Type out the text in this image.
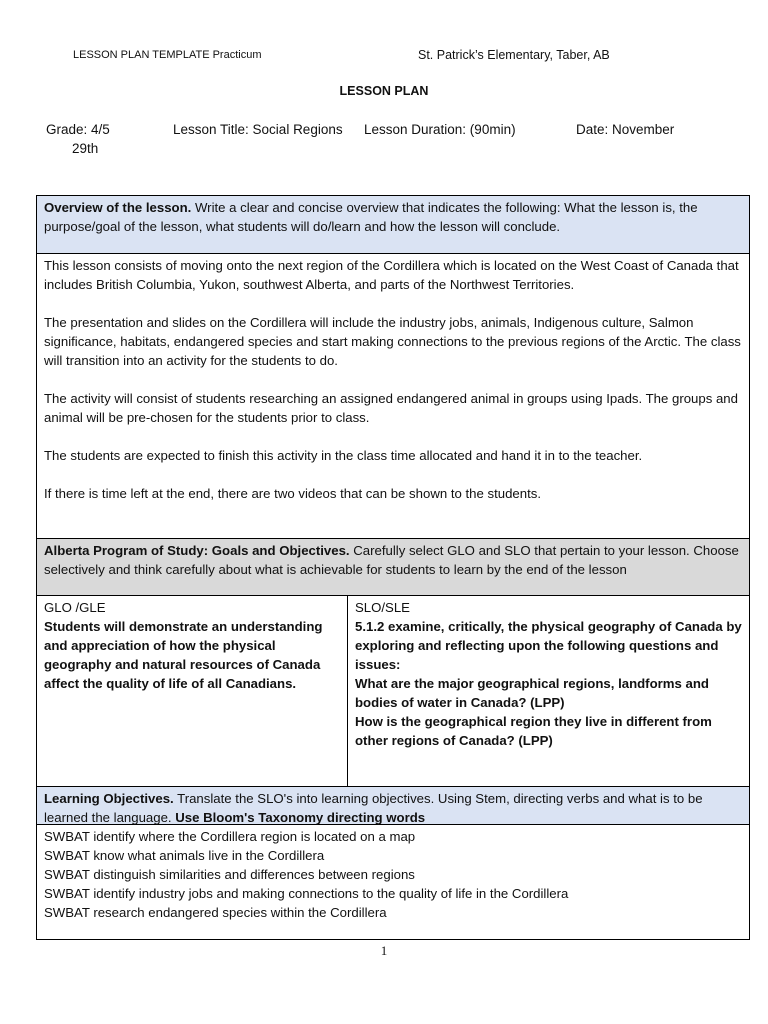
LESSON PLAN TEMPLATE Practicum	St. Patrick’s Elementary, Taber, AB
LESSON PLAN
Grade: 4/5	Lesson Title: Social Regions Lesson Duration: (90min)	Date: November
29th
Overview of the lesson. Write a clear and concise overview that indicates the following: What the lesson is, the purpose/goal of the lesson, what students will do/learn and how the lesson will conclude.

This lesson consists of moving onto the next region of the Cordillera which is located on the West Coast of Canada that includes British Columbia, Yukon, southwest Alberta, and parts of the Northwest Territories.

The presentation and slides on the Cordillera will include the industry jobs, animals, Indigenous culture, Salmon significance, habitats, endangered species and start making connections to the previous regions of the Arctic. The class will transition into an activity for the students to do.

The activity will consist of students researching an assigned endangered animal in groups using Ipads. The groups and animal will be pre-chosen for the students prior to class.

The students are expected to finish this activity in the class time allocated and hand it in to the teacher.

If there is time left at the end, there are two videos that can be shown to the students.

Alberta Program of Study: Goals and Objectives. Carefully select GLO and SLO that pertain to your lesson. Choose selectively and think carefully about what is achievable for students to learn by the end of the lesson
GLO /GLE
Students will demonstrate an understanding and appreciation of how the physical geography and natural resources of Canada affect the quality of life of all Canadians.
SLO/SLE
5.1.2 examine, critically, the physical geography of Canada by exploring and reflecting upon the following questions and issues:
What are the major geographical regions, landforms and bodies of water in Canada? (LPP)
How is the geographical region they live in different from other regions of Canada? (LPP)
Learning Objectives. Translate the SLO's into learning objectives. Using Stem, directing verbs and what is to be learned the language. Use Bloom's Taxonomy directing words
SWBAT identify where the Cordillera region is located on a map
SWBAT know what animals live in the Cordillera
SWBAT distinguish similarities and differences between regions
SWBAT identify industry jobs and making connections to the quality of life in the Cordillera
SWBAT research endangered species within the Cordillera
1
